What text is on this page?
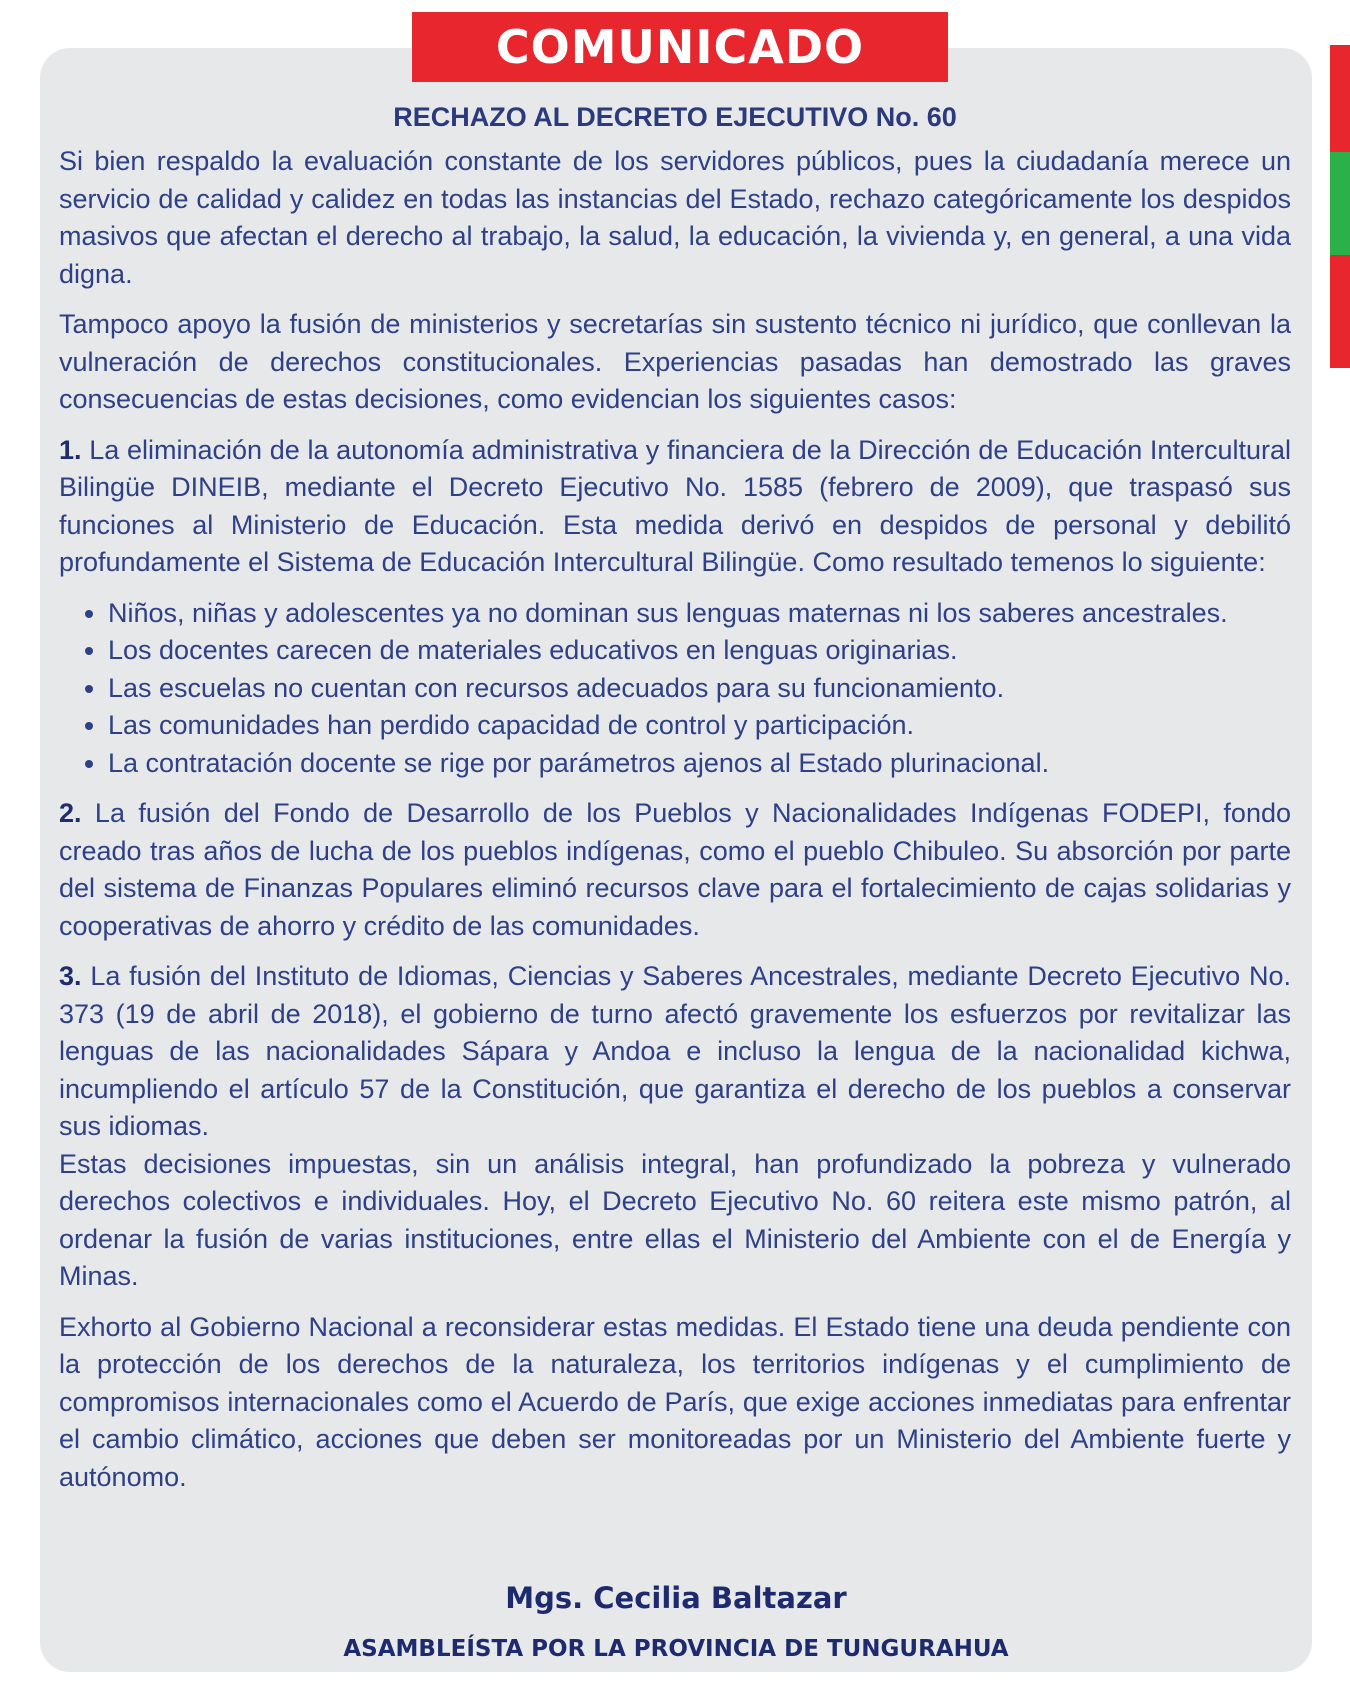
COMUNICADO
RECHAZO AL DECRETO EJECUTIVO No. 60

Si bien respaldo la evaluación constante de los servidores públicos, pues la ciudadanía merece un servicio de calidad y calidez en todas las instancias del Estado, rechazo categóricamente los despidos masivos que afectan el derecho al trabajo, la salud, la educación, la vivienda y, en general, a una vida digna.

Tampoco apoyo la fusión de ministerios y secretarías sin sustento técnico ni jurídico, que conllevan la vulneración de derechos constitucionales. Experiencias pasadas han demostrado las graves consecuencias de estas decisiones, como evidencian los siguientes casos:

1. La eliminación de la autonomía administrativa y financiera de la Dirección de Educación Intercultural Bilingüe DINEIB, mediante el Decreto Ejecutivo No. 1585 (febrero de 2009), que traspasó sus funciones al Ministerio de Educación. Esta medida derivó en despidos de personal y debilitó profundamente el Sistema de Educación Intercultural Bilingüe. Como resultado temenos lo siguiente:

• Niños, niñas y adolescentes ya no dominan sus lenguas maternas ni los saberes ancestrales.
• Los docentes carecen de materiales educativos en lenguas originarias.
• Las escuelas no cuentan con recursos adecuados para su funcionamiento.
• Las comunidades han perdido capacidad de control y participación.
• La contratación docente se rige por parámetros ajenos al Estado plurinacional.

2. La fusión del Fondo de Desarrollo de los Pueblos y Nacionalidades Indígenas FODEPI, fondo creado tras años de lucha de los pueblos indígenas, como el pueblo Chibuleo. Su absorción por parte del sistema de Finanzas Populares eliminó recursos clave para el fortalecimiento de cajas solidarias y cooperativas de ahorro y crédito de las comunidades.

3. La fusión del Instituto de Idiomas, Ciencias y Saberes Ancestrales, mediante Decreto Ejecutivo No. 373 (19 de abril de 2018), el gobierno de turno afectó gravemente los esfuerzos por revitalizar las lenguas de las nacionalidades Sápara y Andoa e incluso la lengua de la nacionalidad kichwa, incumpliendo el artículo 57 de la Constitución, que garantiza el derecho de los pueblos a conservar sus idiomas.

Estas decisiones impuestas, sin un análisis integral, han profundizado la pobreza y vulnerado derechos colectivos e individuales. Hoy, el Decreto Ejecutivo No. 60 reitera este mismo patrón, al ordenar la fusión de varias instituciones, entre ellas el Ministerio del Ambiente con el de Energía y Minas.

Exhorto al Gobierno Nacional a reconsiderar estas medidas. El Estado tiene una deuda pendiente con la protección de los derechos de la naturaleza, los territorios indígenas y el cumplimiento de compromisos internacionales como el Acuerdo de París, que exige acciones inmediatas para enfrentar el cambio climático, acciones que deben ser monitoreadas por un Ministerio del Ambiente fuerte y autónomo.

Mgs. Cecilia Baltazar
ASAMBLEÍSTA POR LA PROVINCIA DE TUNGURAHUA
